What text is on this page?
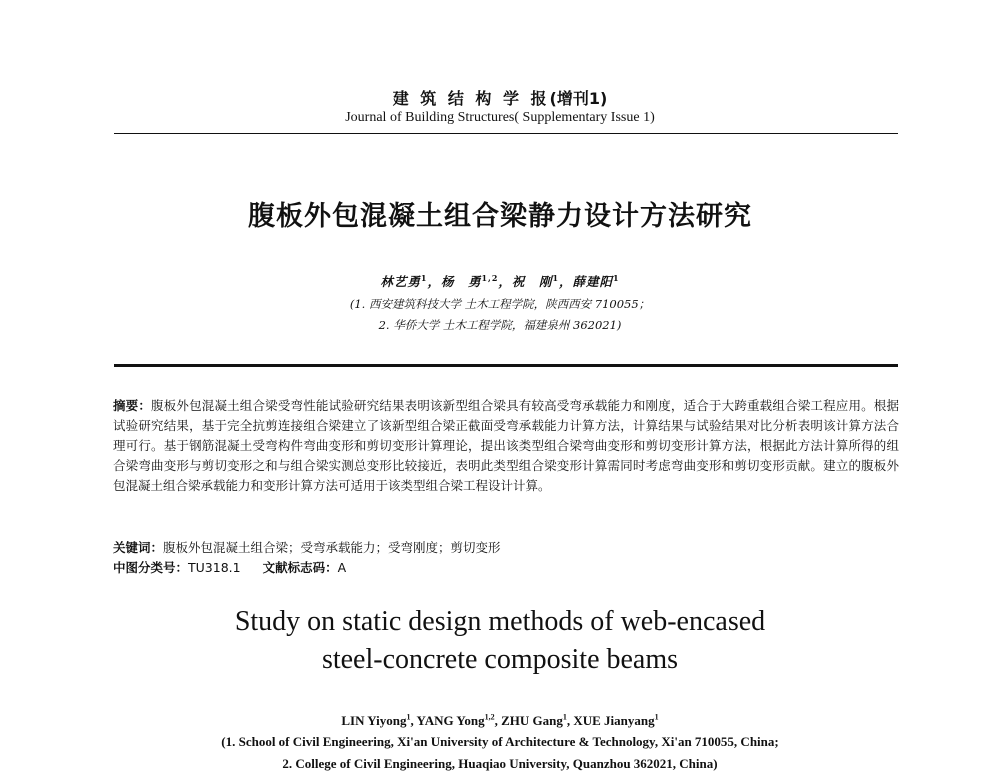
建 筑 结 构 学 报(增刊1)
Journal of Building Structures( Supplementary Issue 1)
腹板外包混凝土组合梁静力设计方法研究
林艺勇$^1$，杨　勇$^{1,2}$，祝　刚$^1$，薛建阳$^1$
(1. 西安建筑科技大学 土木工程学院，陕西西安 710055；
2. 华侨大学 土木工程学院，福建泉州 362021)
摘要：腹板外包混凝土组合梁受弯性能试验研究结果表明该新型组合梁具有较高受弯承载能力和刚度，适合于大跨重载组合梁工程应用。根据试验研究结果，基于完全抗剪连接组合梁建立了该新型组合梁正截面受弯承载能力计算方法，计算结果与试验结果对比分析表明该计算方法合理可行。基于钢筋混凝土受弯构件弯曲变形和剪切变形计算理论，提出该类型组合梁弯曲变形和剪切变形计算方法，根据此方法计算所得的组合梁弯曲变形与剪切变形之和与组合梁实测总变形比较接近，表明此类型组合梁变形计算需同时考虑弯曲变形和剪切变形贡献。建立的腹板外包混凝土组合梁承载能力和变形计算方法可适用于该类型组合梁工程设计计算。
关键词：腹板外包混凝土组合梁；受弯承载能力；受弯刚度；剪切变形
中图分类号：TU318.1 文献标志码：A
Study on static design methods of web-encased
steel-concrete composite beams
LIN Yiyong$^1$, YANG Yong$^{1,2}$, ZHU Gang$^1$, XUE Jianyang$^1$
(1. School of Civil Engineering, Xi'an University of Architecture & Technology, Xi'an 710055, China;
2. College of Civil Engineering, Huaqiao University, Quanzhou 362021, China)
